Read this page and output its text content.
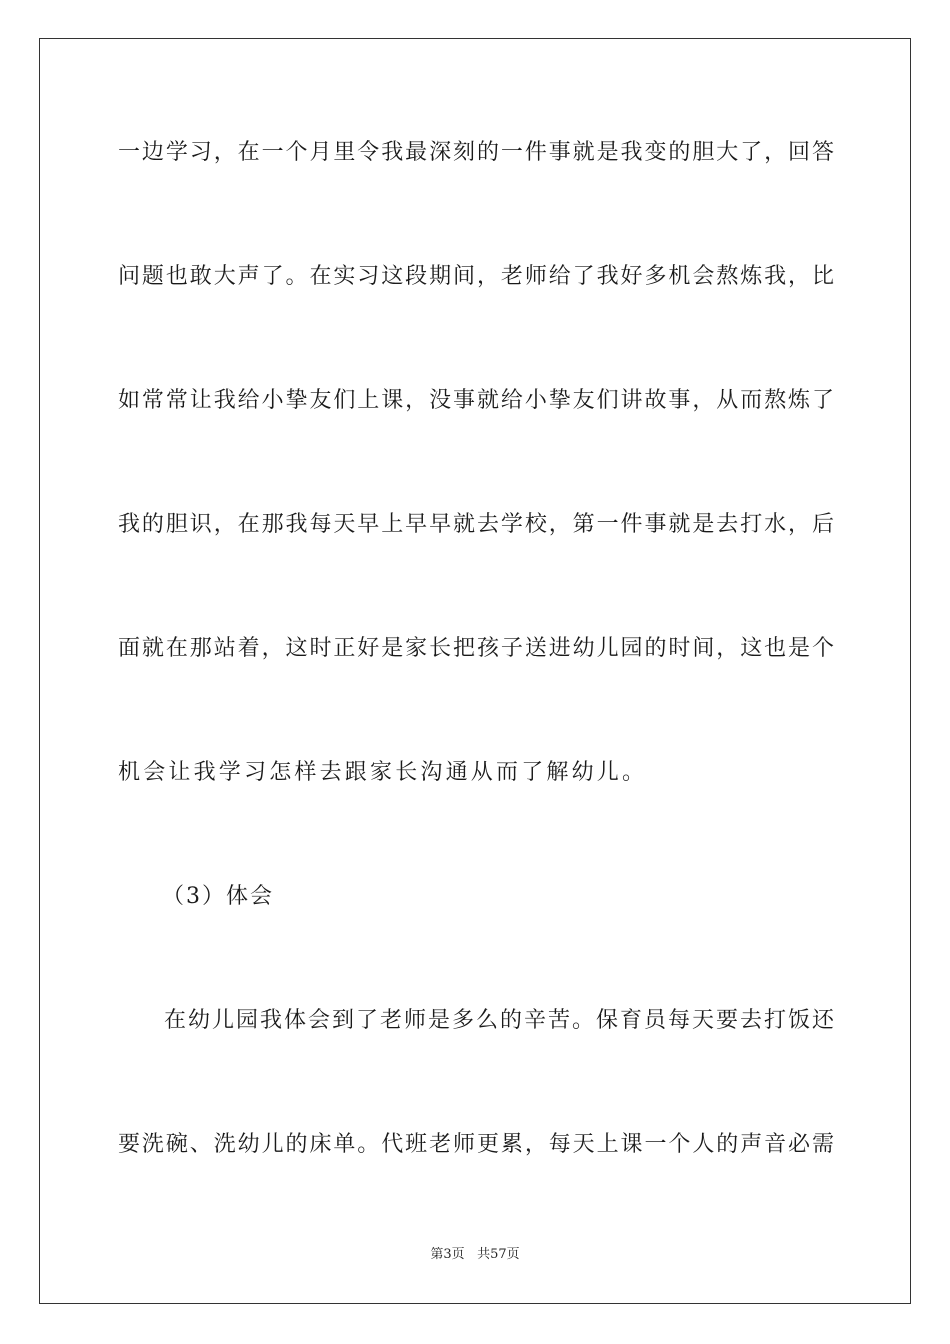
一边学习，在一个月里令我最深刻的一件事就是我变的胆大了，回答
问题也敢大声了。在实习这段期间，老师给了我好多机会熬炼我，比
如常常让我给小挚友们上课，没事就给小挚友们讲故事，从而熬炼了
我的胆识，在那我每天早上早早就去学校，第一件事就是去打水，后
面就在那站着，这时正好是家长把孩子送进幼儿园的时间，这也是个
机会让我学习怎样去跟家长沟通从而了解幼儿。
（3）体会
在幼儿园我体会到了老师是多么的辛苦。保育员每天要去打饭还
要洗碗、洗幼儿的床单。代班老师更累，每天上课一个人的声音必需
第3页 共57页
